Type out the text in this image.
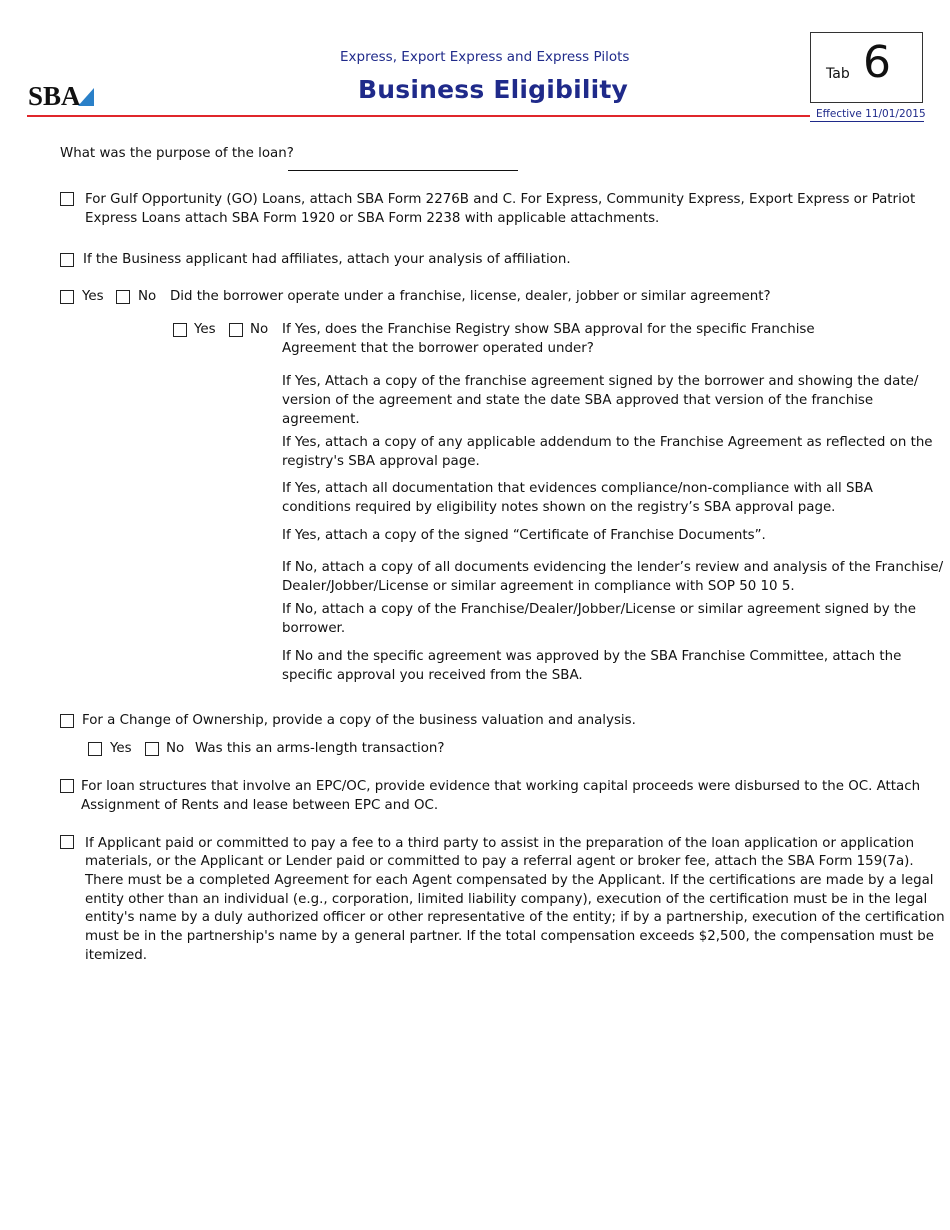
SBA
Express, Export Express and Express Pilots
Business Eligibility
Tab 6
Effective 11/01/2015
What was the purpose of the loan?
For Gulf Opportunity (GO) Loans, attach SBA Form 2276B and C. For Express, Community Express, Export Express or Patriot
Express Loans attach SBA Form 1920 or SBA Form 2238 with applicable attachments.
If the Business applicant had affiliates, attach your analysis of affiliation.
Yes	No Did the borrower operate under a franchise, license, dealer, jobber or similar agreement?
Yes	No If Yes, does the Franchise Registry show SBA approval for the specific Franchise
Agreement that the borrower operated under?
If Yes, Attach a copy of the franchise agreement signed by the borrower and showing the date/
version of the agreement and state the date SBA approved that version of the franchise
agreement.
If Yes, attach a copy of any applicable addendum to the Franchise Agreement as reflected on the
registry's SBA approval page.
If Yes, attach all documentation that evidences compliance/non-compliance with all SBA
conditions required by eligibility notes shown on the registry’s SBA approval page.
If Yes, attach a copy of the signed “Certificate of Franchise Documents”.
If No, attach a copy of all documents evidencing the lender’s review and analysis of the Franchise/
Dealer/Jobber/License or similar agreement in compliance with SOP 50 10 5.
If No, attach a copy of the Franchise/Dealer/Jobber/License or similar agreement signed by the
borrower.
If No and the specific agreement was approved by the SBA Franchise Committee, attach the
specific approval you received from the SBA.
For a Change of Ownership, provide a copy of the business valuation and analysis.
Yes	No Was this an arms-length transaction?
For loan structures that involve an EPC/OC, provide evidence that working capital proceeds were disbursed to the OC. Attach
Assignment of Rents and lease between EPC and OC.
If Applicant paid or committed to pay a fee to a third party to assist in the preparation of the loan application or application
materials, or the Applicant or Lender paid or committed to pay a referral agent or broker fee, attach the SBA Form 159(7a).
There must be a completed Agreement for each Agent compensated by the Applicant. If the certifications are made by a legal
entity other than an individual (e.g., corporation, limited liability company), execution of the certification must be in the legal
entity's name by a duly authorized officer or other representative of the entity; if by a partnership, execution of the certification
must be in the partnership's name by a general partner. If the total compensation exceeds $2,500, the compensation must be
itemized.
